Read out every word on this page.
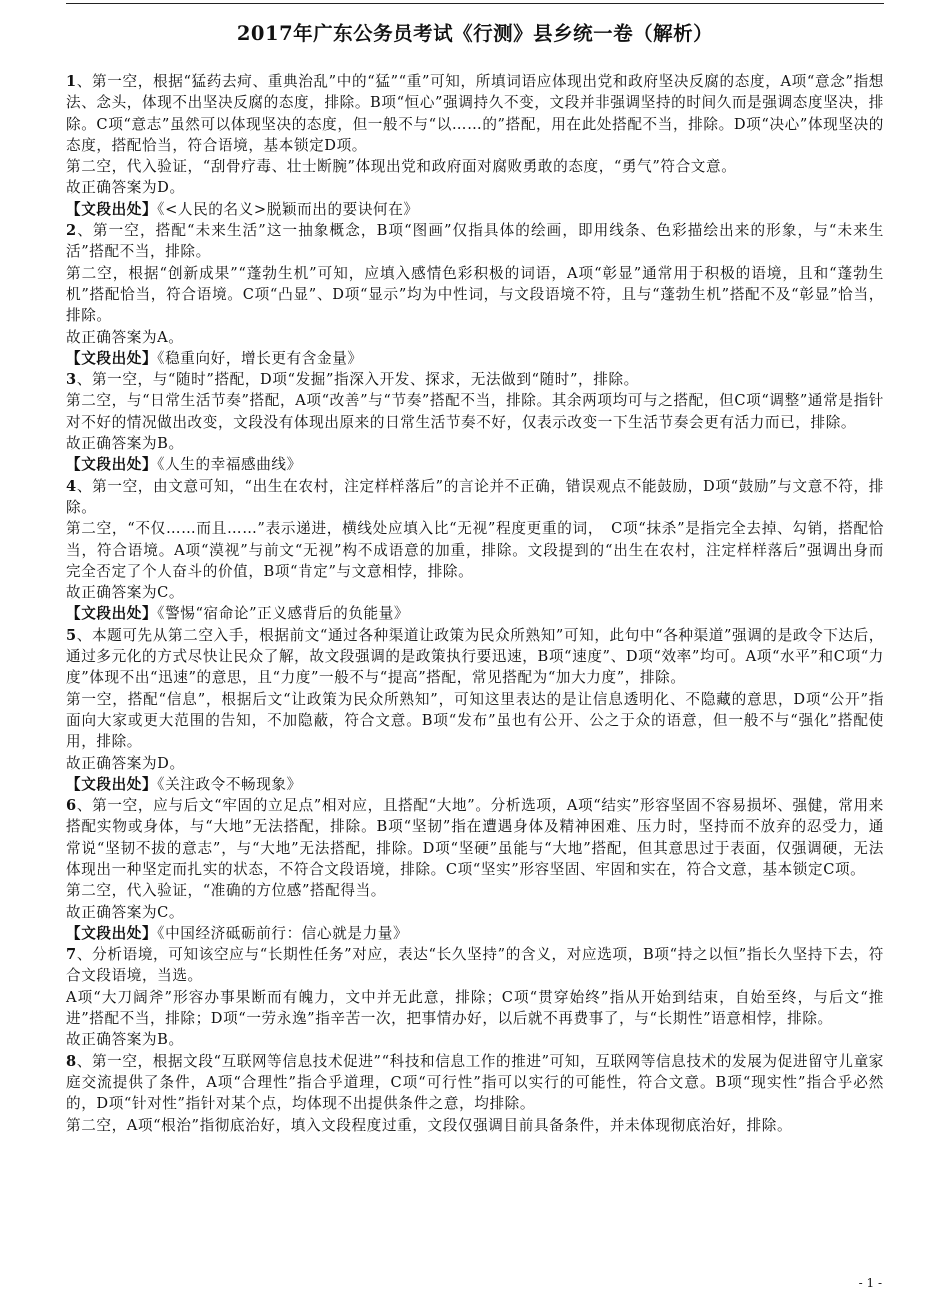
2017年广东公务员考试《行测》县乡统一卷（解析）

1、第一空，根据“猛药去疴、重典治乱”中的“猛”“重”可知，所填词语应体现出党和政府坚决反腐的态度，A项“意念”指想法、念头，体现不出坚决反腐的态度，排除。B项“恒心”强调持久不变，文段并非强调坚持的时间久而是强调态度坚决，排除。C项“意志”虽然可以体现坚决的态度，但一般不与“以……的”搭配，用在此处搭配不当，排除。D项“决心”体现坚决的态度，搭配恰当，符合语境，基本锁定D项。

第二空，代入验证，“刮骨疗毒、壮士断腕”体现出党和政府面对腐败勇敢的态度，“勇气”符合文意。

故正确答案为D。

【文段出处】《<人民的名义>脱颖而出的要诀何在》

2、第一空，搭配“未来生活”这一抽象概念，B项“图画”仅指具体的绘画，即用线条、色彩描绘出来的形象，与“未来生活”搭配不当，排除。

第二空，根据“创新成果”“蓬勃生机”可知，应填入感情色彩积极的词语，A项“彰显”通常用于积极的语境，且和“蓬勃生机”搭配恰当，符合语境。C项“凸显”、D项“显示”均为中性词，与文段语境不符，且与“蓬勃生机”搭配不及“彰显”恰当，排除。

故正确答案为A。

【文段出处】《稳重向好，增长更有含金量》

3、第一空，与“随时”搭配，D项“发掘”指深入开发、探求，无法做到“随时”，排除。

第二空，与“日常生活节奏”搭配，A项“改善”与“节奏”搭配不当，排除。其余两项均可与之搭配，但C项“调整”通常是指针对不好的情况做出改变，文段没有体现出原来的日常生活节奏不好，仅表示改变一下生活节奏会更有活力而已，排除。

故正确答案为B。

【文段出处】《人生的幸福感曲线》

4、第一空，由文意可知，“出生在农村，注定样样落后”的言论并不正确，错误观点不能鼓励，D项“鼓励”与文意不符，排除。

第二空，“不仅……而且……”表示递进，横线处应填入比“无视”程度更重的词，　C项“抹杀”是指完全去掉、勾销，搭配恰当，符合语境。A项“漠视”与前文“无视”构不成语意的加重，排除。文段提到的“出生在农村，注定样样落后”强调出身而完全否定了个人奋斗的价值，B项“肯定”与文意相悖，排除。

故正确答案为C。

【文段出处】《警惕“宿命论”正义感背后的负能量》

5、本题可先从第二空入手，根据前文“通过各种渠道让政策为民众所熟知”可知，此句中“各种渠道”强调的是政令下达后，通过多元化的方式尽快让民众了解，故文段强调的是政策执行要迅速，B项“速度”、D项“效率”均可。A项“水平”和C项“力度”体现不出“迅速”的意思，且“力度”一般不与“提高”搭配，常见搭配为“加大力度”，排除。

第一空，搭配“信息”，根据后文“让政策为民众所熟知”，可知这里表达的是让信息透明化、不隐藏的意思，D项“公开”指面向大家或更大范围的告知，不加隐蔽，符合文意。B项“发布”虽也有公开、公之于众的语意，但一般不与“强化”搭配使用，排除。

故正确答案为D。

【文段出处】《关注政令不畅现象》

6、第一空，应与后文“牢固的立足点”相对应，且搭配“大地”。分析选项，A项“结实”形容坚固不容易损坏、强健，常用来搭配实物或身体，与“大地”无法搭配，排除。B项“坚韧”指在遭遇身体及精神困难、压力时，坚持而不放弃的忍受力，通常说“坚韧不拔的意志”，与“大地”无法搭配，排除。D项“坚硬”虽能与“大地”搭配，但其意思过于表面，仅强调硬，无法体现出一种坚定而扎实的状态，不符合文段语境，排除。C项“坚实”形容坚固、牢固和实在，符合文意，基本锁定C项。

第二空，代入验证，“准确的方位感”搭配得当。

故正确答案为C。

【文段出处】《中国经济砥砺前行：信心就是力量》

7、分析语境，可知该空应与“长期性任务”对应，表达“长久坚持”的含义，对应选项，B项“持之以恒”指长久坚持下去，符合文段语境，当选。

A项“大刀阔斧”形容办事果断而有魄力，文中并无此意，排除；C项“贯穿始终”指从开始到结束，自始至终，与后文“推进”搭配不当，排除；D项“一劳永逸”指辛苦一次，把事情办好，以后就不再费事了，与“长期性”语意相悖，排除。

故正确答案为B。

8、第一空，根据文段“互联网等信息技术促进”“科技和信息工作的推进”可知，互联网等信息技术的发展为促进留守儿童家庭交流提供了条件，A项“合理性”指合乎道理，C项“可行性”指可以实行的可能性，符合文意。B项“现实性”指合乎必然的，D项“针对性”指针对某个点，均体现不出提供条件之意，均排除。

第二空，A项“根治”指彻底治好，填入文段程度过重，文段仅强调目前具备条件，并未体现彻底治好，排除。

- 1 -
